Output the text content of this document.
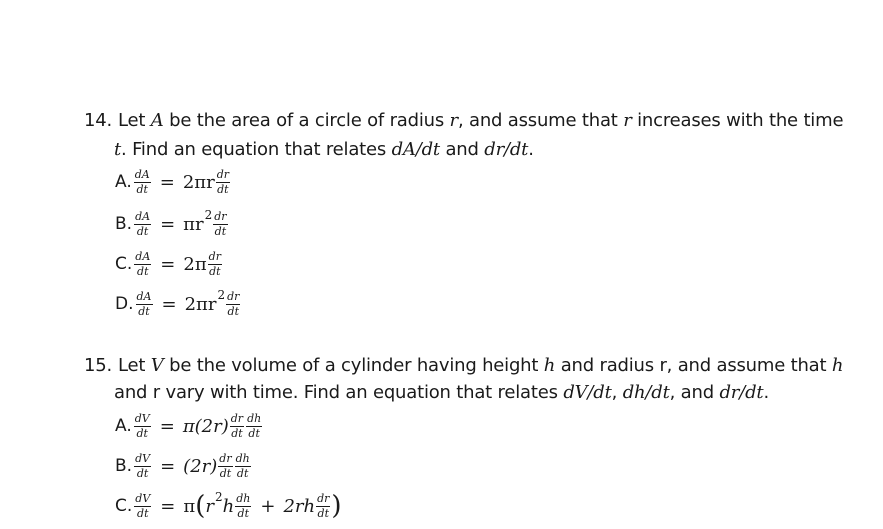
14. Let A be the area of a circle of radius r, and assume that r increases with the time
t. Find an equation that relates dA/dt and dr/dt.
A. $\frac{dA}{dt} = 2\pi r \frac{dr}{dt}$
B. $\frac{dA}{dt} = \pi r$ $2 \frac{dr}{dt}$
C. $\frac{dA}{dt} = 2\pi \frac{dr}{dt}$
D. $\frac{dA}{dt} = 2\pi r$ $2 \frac{dr}{dt}$
15. Let V be the volume of a cylinder having height h and radius r, and assume that h
and r vary with time. Find an equation that relates dV/dt, dh/dt, and dr/dt.
A. $\frac{dV}{dt} = \pi(2r) \frac{dr}{dt} \frac{dh}{dt}$
B. $\frac{dV}{dt} = (2r) \frac{dr}{dt} \frac{dh}{dt}$
C. $\frac{dV}{dt} = \pi$ ( r 2 h $\frac{dh}{dt} + 2rh \frac{dr}{dt}$ )
